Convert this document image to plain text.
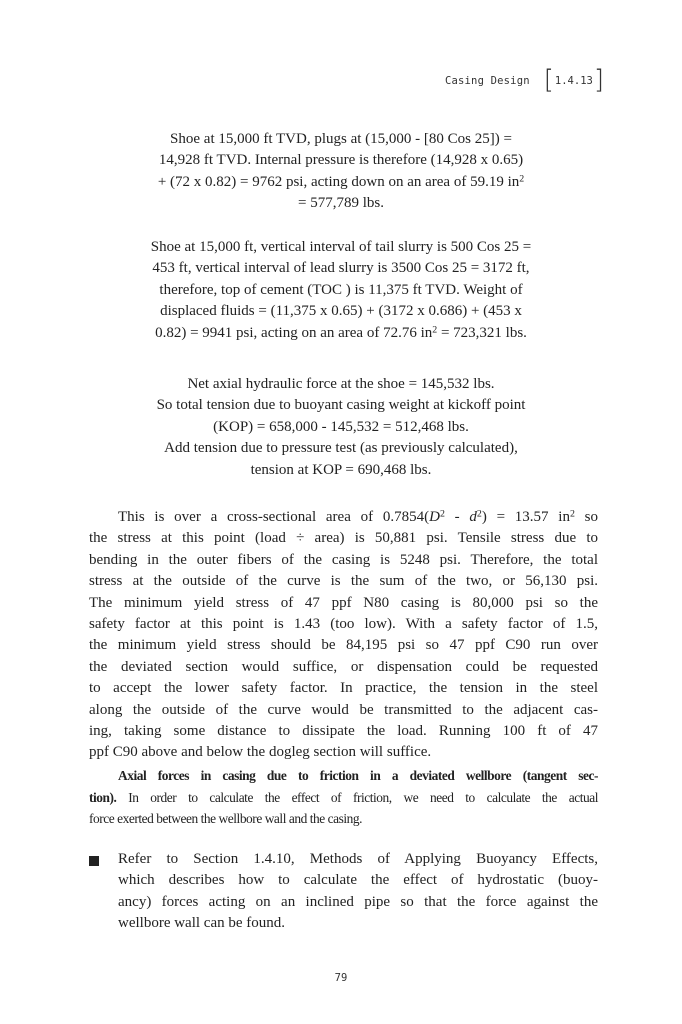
Casing Design [ 1.4.13 ]
Shoe at 15,000 ft TVD, plugs at (15,000 - [80 Cos 25]) =
14,928 ft TVD. Internal pressure is therefore (14,928 x 0.65)
+ (72 x 0.82) = 9762 psi, acting down on an area of 59.19 $in^2$
= 577,789 lbs.
Shoe at 15,000 ft, vertical interval of tail slurry is 500 Cos 25 =
453 ft, vertical interval of lead slurry is 3500 Cos 25 = 3172 ft,
therefore, top of cement (TOC ) is 11,375 ft TVD. Weight of
displaced fluids = (11,375 x 0.65) + (3172 x 0.686) + (453 x
0.82) = 9941 psi, acting on an area of 72.76 $in^2 = 723,321$ lbs.
Net axial hydraulic force at the shoe = 145,532 lbs.
So total tension due to buoyant casing weight at kickoff point
(KOP) = 658,000 - 145,532 = 512,468 lbs.
Add tension due to pressure test (as previously calculated),
tension at KOP = 690,468 lbs.
This is over a cross-sectional area of $0.7854(D^2 - d^2) = 13.57$ $in^2$ so
the stress at this point (load ÷ area) is 50,881 psi. Tensile stress due to
bending in the outer fibers of the casing is 5248 psi. Therefore, the total
stress at the outside of the curve is the sum of the two, or 56,130 psi.
The minimum yield stress of 47 ppf N80 casing is 80,000 psi so the
safety factor at this point is 1.43 (too low). With a safety factor of 1.5,
the minimum yield stress should be 84,195 psi so 47 ppf C90 run over
the deviated section would suffice, or dispensation could be requested
to accept the lower safety factor. In practice, the tension in the steel
along the outside of the curve would be transmitted to the adjacent cas-
ing, taking some distance to dissipate the load. Running 100 ft of 47
ppf C90 above and below the dogleg section will suffice.
Axial forces in casing due to friction in a deviated wellbore (tangent sec-
tion). In order to calculate the effect of friction, we need to calculate the actual
force exerted between the wellbore wall and the casing.
Refer to Section 1.4.10, Methods of Applying Buoyancy Effects,
which describes how to calculate the effect of hydrostatic (buoy-
ancy) forces acting on an inclined pipe so that the force against the
wellbore wall can be found.
79
